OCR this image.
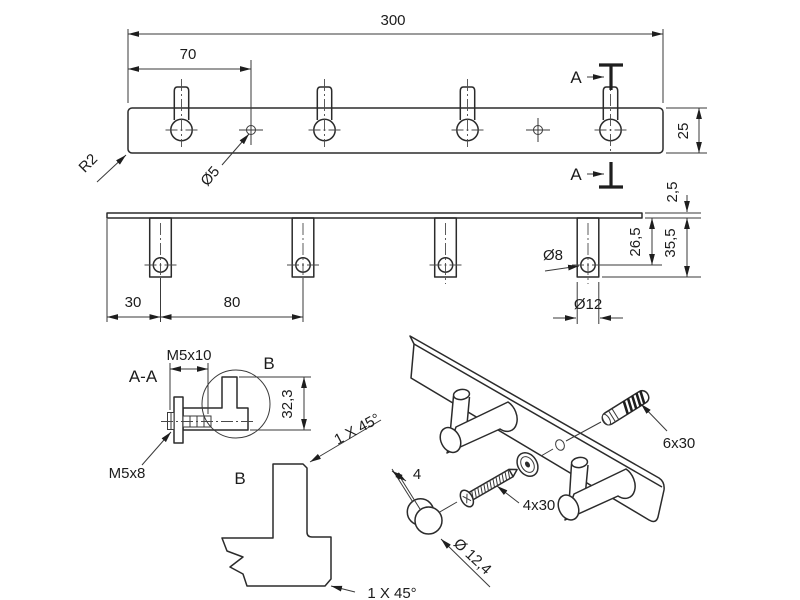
300
70
25
R2	Ø5
A
A
30	80
2,5
35,5
26,5
Ø8
Ø12
A-A
B
M5x10
32,3
M5x8	B
1 X 45°
1 X 45°
6x30
4x30
4
Ø 12,4
